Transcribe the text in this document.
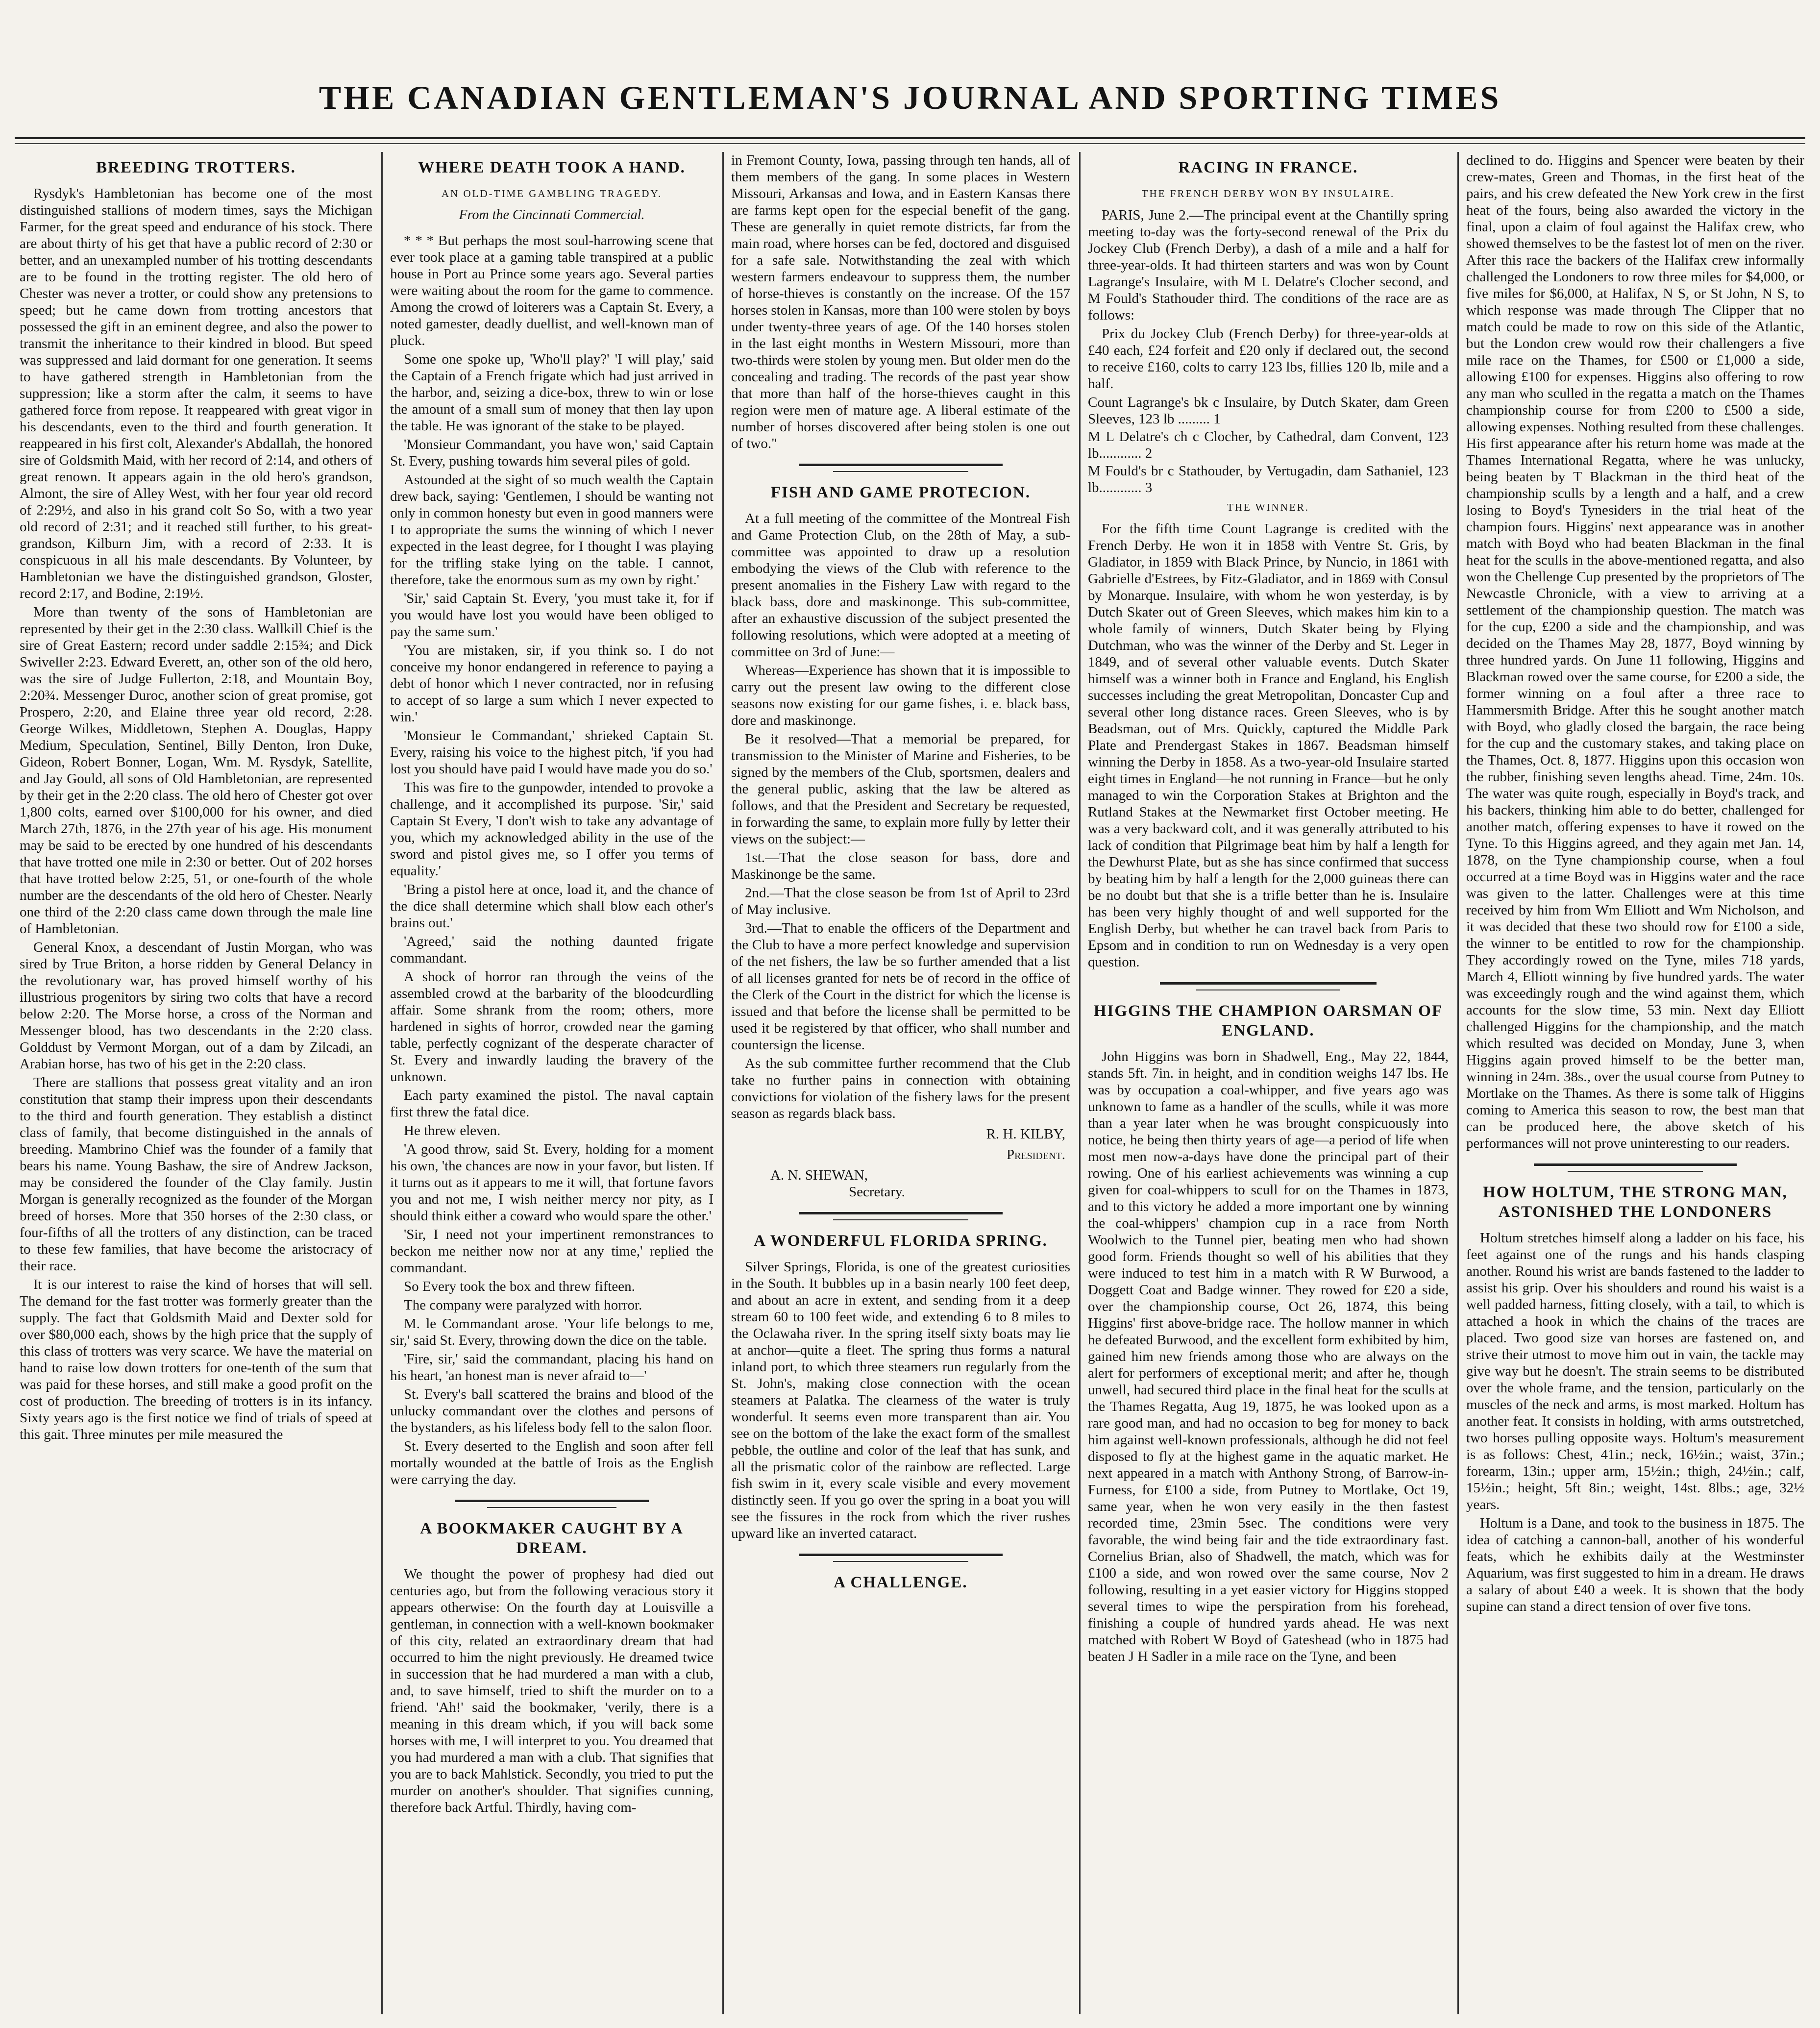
THE CANADIAN GENTLEMAN'S JOURNAL AND SPORTING TIMES
BREEDING TROTTERS.

Rysdyk's Hambletonian has become one of the most distinguished stallions of modern times, says the Michigan Farmer, for the great speed and endurance of his stock. There are about thirty of his get that have a public record of 2:30 or better, and an unexampled number of his trotting descendants are to be found in the trotting register. The old hero of Chester was never a trotter, or could show any pretensions to speed; but he came down from trotting ancestors that possessed the gift in an eminent degree, and also the power to transmit the inheritance to their kindred in blood. But speed was suppressed and laid dormant for one generation. It seems to have gathered strength in Hambletonian from the suppression; like a storm after the calm, it seems to have gathered force from repose. It reappeared with great vigor in his descendants, even to the third and fourth generation. It reappeared in his first colt, Alexander's Abdallah, the honored sire of Goldsmith Maid, with her record of 2:14, and others of great renown. It appears again in the old hero's grandson, Almont, the sire of Alley West, with her four year old record of 2:29½, and also in his grand colt So So, with a two year old record of 2:31; and it reached still further, to his great-grandson, Kilburn Jim, with a record of 2:33. It is conspicuous in all his male descendants. By Volunteer, by Hambletonian we have the distinguished grandson, Gloster, record 2:17, and Bodine, 2:19½.

More than twenty of the sons of Hambletonian are represented by their get in the 2:30 class. Wallkill Chief is the sire of Great Eastern; record under saddle 2:15¾; and Dick Swiveller 2:23. Edward Everett, an, other son of the old hero, was the sire of Judge Fullerton, 2:18, and Mountain Boy, 2:20¾. Messenger Duroc, another scion of great promise, got Prospero, 2:20, and Elaine three year old record, 2:28. George Wilkes, Middletown, Stephen A. Douglas, Happy Medium, Speculation, Sentinel, Billy Denton, Iron Duke, Gideon, Robert Bonner, Logan, Wm. M. Rysdyk, Satellite, and Jay Gould, all sons of Old Hambletonian, are represented by their get in the 2:20 class. The old hero of Chester got over 1,800 colts, earned over $100,000 for his owner, and died March 27th, 1876, in the 27th year of his age. His monument may be said to be erected by one hundred of his descendants that have trotted one mile in 2:30 or better. Out of 202 horses that have trotted below 2:25, 51, or one-fourth of the whole number are the descendants of the old hero of Chester. Nearly one third of the 2:20 class came down through the male line of Hambletonian.

General Knox, a descendant of Justin Morgan, who was sired by True Briton, a horse ridden by General Delancy in the revolutionary war, has proved himself worthy of his illustrious progenitors by siring two colts that have a record below 2:20. The Morse horse, a cross of the Norman and Messenger blood, has two descendants in the 2:20 class. Golddust by Vermont Morgan, out of a dam by Zilcadi, an Arabian horse, has two of his get in the 2:20 class.

There are stallions that possess great vitality and an iron constitution that stamp their impress upon their descendants to the third and fourth generation. They establish a distinct class of family, that become distinguished in the annals of breeding. Mambrino Chief was the founder of a family that bears his name. Young Bashaw, the sire of Andrew Jackson, may be considered the founder of the Clay family. Justin Morgan is generally recognized as the founder of the Morgan breed of horses. More that 350 horses of the 2:30 class, or four-fifths of all the trotters of any distinction, can be traced to these few families, that have become the aristocracy of their race.

It is our interest to raise the kind of horses that will sell. The demand for the fast trotter was formerly greater than the supply. The fact that Goldsmith Maid and Dexter sold for over $80,000 each, shows by the high price that the supply of this class of trotters was very scarce. We have the material on hand to raise low down trotters for one-tenth of the sum that was paid for these horses, and still make a good profit on the cost of production. The breeding of trotters is in its infancy. Sixty years ago is the first notice we find of trials of speed at this gait. Three minutes per mile measured the

WHERE DEATH TOOK A HAND.
AN OLD-TIME GAMBLING TRAGEDY.
From the Cincinnati Commercial.

* * * But perhaps the most soul-harrowing scene that ever took place at a gaming table transpired at a public house in Port au Prince some years ago. Several parties were waiting about the room for the game to commence. Among the crowd of loiterers was a Captain St. Every, a noted gamester, deadly duellist, and well-known man of pluck.

Some one spoke up, 'Who'll play?' 'I will play,' said the Captain of a French frigate which had just arrived in the harbor, and, seizing a dice-box, threw to win or lose the amount of a small sum of money that then lay upon the table. He was ignorant of the stake to be played.

'Monsieur Commandant, you have won,' said Captain St. Every, pushing towards him several piles of gold.

Astounded at the sight of so much wealth the Captain drew back, saying: 'Gentlemen, I should be wanting not only in common honesty but even in good manners were I to appropriate the sums the winning of which I never expected in the least degree, for I thought I was playing for the trifling stake lying on the table. I cannot, therefore, take the enormous sum as my own by right.'

'Sir,' said Captain St. Every, 'you must take it, for if you would have lost you would have been obliged to pay the same sum.'

'You are mistaken, sir, if you think so. I do not conceive my honor endangered in reference to paying a debt of honor which I never contracted, nor in refusing to accept of so large a sum which I never expected to win.'

'Monsieur le Commandant,' shrieked Captain St. Every, raising his voice to the highest pitch, 'if you had lost you should have paid I would have made you do so.'

This was fire to the gunpowder, intended to provoke a challenge, and it accomplished its purpose. 'Sir,' said Captain St Every, 'I don't wish to take any advantage of you, which my acknowledged ability in the use of the sword and pistol gives me, so I offer you terms of equality.'

'Bring a pistol here at once, load it, and the chance of the dice shall determine which shall blow each other's brains out.'

'Agreed,' said the nothing daunted frigate commandant.

A shock of horror ran through the veins of the assembled crowd at the barbarity of the bloodcurdling affair. Some shrank from the room; others, more hardened in sights of horror, crowded near the gaming table, perfectly cognizant of the desperate character of St. Every and inwardly lauding the bravery of the unknown.

Each party examined the pistol. The naval captain first threw the fatal dice.

He threw eleven.

'A good throw, said St. Every, holding for a moment his own, 'the chances are now in your favor, but listen. If it turns out as it appears to me it will, that fortune favors you and not me, I wish neither mercy nor pity, as I should think either a coward who would spare the other.'

'Sir, I need not your impertinent remonstrances to beckon me neither now nor at any time,' replied the commandant.

So Every took the box and threw fifteen.

The company were paralyzed with horror.

M. le Commandant arose. 'Your life belongs to me, sir,' said St. Every, throwing down the dice on the table.

'Fire, sir,' said the commandant, placing his hand on his heart, 'an honest man is never afraid to—'

St. Every's ball scattered the brains and blood of the unlucky commandant over the clothes and persons of the bystanders, as his lifeless body fell to the salon floor.

St. Every deserted to the English and soon after fell mortally wounded at the battle of Irois as the English were carrying the day.

A BOOKMAKER CAUGHT BY A DREAM.

We thought the power of prophesy had died out centuries ago, but from the following veracious story it appears otherwise: On the fourth day at Louisville a gentleman, in connection with a well-known bookmaker of this city, related an extraordinary dream that had occurred to him the night previously. He dreamed twice in succession that he had murdered a man with a club, and, to save himself, tried to shift the murder on to a friend. 'Ah!' said the bookmaker, 'verily, there is a meaning in this dream which, if you will back some horses with me, I will interpret to you. You dreamed that you had murdered a man with a club. That signifies that you are to back Mahlstick. Secondly, you tried to put the murder on another's shoulder. That signifies cunning, therefore back Artful. Thirdly, having com-

in Fremont County, Iowa, passing through ten hands, all of them members of the gang. In some places in Western Missouri, Arkansas and Iowa, and in Eastern Kansas there are farms kept open for the especial benefit of the gang. These are generally in quiet remote districts, far from the main road, where horses can be fed, doctored and disguised for a safe sale. Notwithstanding the zeal with which western farmers endeavour to suppress them, the number of horse-thieves is constantly on the increase. Of the 157 horses stolen in Kansas, more than 100 were stolen by boys under twenty-three years of age. Of the 140 horses stolen in the last eight months in Western Missouri, more than two-thirds were stolen by young men. But older men do the concealing and trading. The records of the past year show that more than half of the horse-thieves caught in this region were men of mature age. A liberal estimate of the number of horses discovered after being stolen is one out of two."

FISH AND GAME PROTECION.

At a full meeting of the committee of the Montreal Fish and Game Protection Club, on the 28th of May, a sub-committee was appointed to draw up a resolution embodying the views of the Club with reference to the present anomalies in the Fishery Law with regard to the black bass, dore and maskinonge. This sub-committee, after an exhaustive discussion of the subject presented the following resolutions, which were adopted at a meeting of committee on 3rd of June:—

Whereas—Experience has shown that it is impossible to carry out the present law owing to the different close seasons now existing for our game fishes, i. e. black bass, dore and maskinonge.

Be it resolved—That a memorial be prepared, for transmission to the Minister of Marine and Fisheries, to be signed by the members of the Club, sportsmen, dealers and the general public, asking that the law be altered as follows, and that the President and Secretary be requested, in forwarding the same, to explain more fully by letter their views on the subject:—

1st.—That the close season for bass, dore and Maskinonge be the same.

2nd.—That the close season be from 1st of April to 23rd of May inclusive.

3rd.—That to enable the officers of the Department and the Club to have a more perfect knowledge and supervision of the net fishers, the law be so further amended that a list of all licenses granted for nets be of record in the office of the Clerk of the Court in the district for which the license is issued and that before the license shall be permitted to be used it be registered by that officer, who shall number and countersign the license.

As the sub committee further recommend that the Club take no further pains in connection with obtaining convictions for violation of the fishery laws for the present season as regards black bass.

R. H. KILBY,
President.
A. N. SHEWAN,
Secretary.
A WONDERFUL FLORIDA SPRING.

Silver Springs, Florida, is one of the greatest curiosities in the South. It bubbles up in a basin nearly 100 feet deep, and about an acre in extent, and sending from it a deep stream 60 to 100 feet wide, and extending 6 to 8 miles to the Oclawaha river. In the spring itself sixty boats may lie at anchor—quite a fleet. The spring thus forms a natural inland port, to which three steamers run regularly from the St. John's, making close connection with the ocean steamers at Palatka. The clearness of the water is truly wonderful. It seems even more transparent than air. You see on the bottom of the lake the exact form of the smallest pebble, the outline and color of the leaf that has sunk, and all the prismatic color of the rainbow are reflected. Large fish swim in it, every scale visible and every movement distinctly seen. If you go over the spring in a boat you will see the fissures in the rock from which the river rushes upward like an inverted cataract.

A CHALLENGE.
RACING IN FRANCE.
THE FRENCH DERBY WON BY INSULAIRE.

PARIS, June 2.—The principal event at the Chantilly spring meeting to-day was the forty-second renewal of the Prix du Jockey Club (French Derby), a dash of a mile and a half for three-year-olds. It had thirteen starters and was won by Count Lagrange's Insulaire, with M L Delatre's Clocher second, and M Fould's Stathouder third. The conditions of the race are as follows:

Prix du Jockey Club (French Derby) for three-year-olds at £40 each, £24 forfeit and £20 only if declared out, the second to receive £160, colts to carry 123 lbs, fillies 120 lb, mile and a half.

Count Lagrange's bk c Insulaire, by Dutch Skater, dam Green Sleeves, 123 lb ......... 1
M L Delatre's ch c Clocher, by Cathedral, dam Convent, 123 lb............ 2
M Fould's br c Stathouder, by Vertugadin, dam Sathaniel, 123 lb............ 3
THE WINNER.

For the fifth time Count Lagrange is credited with the French Derby. He won it in 1858 with Ventre St. Gris, by Gladiator, in 1859 with Black Prince, by Nuncio, in 1861 with Gabrielle d'Estrees, by Fitz-Gladiator, and in 1869 with Consul by Monarque. Insulaire, with whom he won yesterday, is by Dutch Skater out of Green Sleeves, which makes him kin to a whole family of winners, Dutch Skater being by Flying Dutchman, who was the winner of the Derby and St. Leger in 1849, and of several other valuable events. Dutch Skater himself was a winner both in France and England, his English successes including the great Metropolitan, Doncaster Cup and several other long distance races. Green Sleeves, who is by Beadsman, out of Mrs. Quickly, captured the Middle Park Plate and Prendergast Stakes in 1867. Beadsman himself winning the Derby in 1858. As a two-year-old Insulaire started eight times in England—he not running in France—but he only managed to win the Corporation Stakes at Brighton and the Rutland Stakes at the Newmarket first October meeting. He was a very backward colt, and it was generally attributed to his lack of condition that Pilgrimage beat him by half a length for the Dewhurst Plate, but as she has since confirmed that success by beating him by half a length for the 2,000 guineas there can be no doubt but that she is a trifle better than he is. Insulaire has been very highly thought of and well supported for the English Derby, but whether he can travel back from Paris to Epsom and in condition to run on Wednesday is a very open question.

HIGGINS THE CHAMPION OARSMAN OF ENGLAND.

John Higgins was born in Shadwell, Eng., May 22, 1844, stands 5ft. 7in. in height, and in condition weighs 147 lbs. He was by occupation a coal-whipper, and five years ago was unknown to fame as a handler of the sculls, while it was more than a year later when he was brought conspicuously into notice, he being then thirty years of age—a period of life when most men now-a-days have done the principal part of their rowing. One of his earliest achievements was winning a cup given for coal-whippers to scull for on the Thames in 1873, and to this victory he added a more important one by winning the coal-whippers' champion cup in a race from North Woolwich to the Tunnel pier, beating men who had shown good form. Friends thought so well of his abilities that they were induced to test him in a match with R W Burwood, a Doggett Coat and Badge winner. They rowed for £20 a side, over the championship course, Oct 26, 1874, this being Higgins' first above-bridge race. The hollow manner in which he defeated Burwood, and the excellent form exhibited by him, gained him new friends among those who are always on the alert for performers of exceptional merit; and after he, though unwell, had secured third place in the final heat for the sculls at the Thames Regatta, Aug 19, 1875, he was looked upon as a rare good man, and had no occasion to beg for money to back him against well-known professionals, although he did not feel disposed to fly at the highest game in the aquatic market. He next appeared in a match with Anthony Strong, of Barrow-in-Furness, for £100 a side, from Putney to Mortlake, Oct 19, same year, when he won very easily in the then fastest recorded time, 23min 5sec. The conditions were very favorable, the wind being fair and the tide extraordinary fast. Cornelius Brian, also of Shadwell, the match, which was for £100 a side, and won rowed over the same course, Nov 2 following, resulting in a yet easier victory for Higgins stopped several times to wipe the perspiration from his forehead, finishing a couple of hundred yards ahead. He was next matched with Robert W Boyd of Gateshead (who in 1875 had beaten J H Sadler in a mile race on the Tyne, and been

declined to do. Higgins and Spencer were beaten by their crew-mates, Green and Thomas, in the first heat of the pairs, and his crew defeated the New York crew in the first heat of the fours, being also awarded the victory in the final, upon a claim of foul against the Halifax crew, who showed themselves to be the fastest lot of men on the river. After this race the backers of the Halifax crew informally challenged the Londoners to row three miles for $4,000, or five miles for $6,000, at Halifax, N S, or St John, N S, to which response was made through The Clipper that no match could be made to row on this side of the Atlantic, but the London crew would row their challengers a five mile race on the Thames, for £500 or £1,000 a side, allowing £100 for expenses. Higgins also offering to row any man who sculled in the regatta a match on the Thames championship course for from £200 to £500 a side, allowing expenses. Nothing resulted from these challenges. His first appearance after his return home was made at the Thames International Regatta, where he was unlucky, being beaten by T Blackman in the third heat of the championship sculls by a length and a half, and a crew losing to Boyd's Tynesiders in the trial heat of the champion fours. Higgins' next appearance was in another match with Boyd who had beaten Blackman in the final heat for the sculls in the above-mentioned regatta, and also won the Chellenge Cup presented by the proprietors of The Newcastle Chronicle, with a view to arriving at a settlement of the championship question. The match was for the cup, £200 a side and the championship, and was decided on the Thames May 28, 1877, Boyd winning by three hundred yards. On June 11 following, Higgins and Blackman rowed over the same course, for £200 a side, the former winning on a foul after a three race to Hammersmith Bridge. After this he sought another match with Boyd, who gladly closed the bargain, the race being for the cup and the customary stakes, and taking place on the Thames, Oct. 8, 1877. Higgins upon this occasion won the rubber, finishing seven lengths ahead. Time, 24m. 10s. The water was quite rough, especially in Boyd's track, and his backers, thinking him able to do better, challenged for another match, offering expenses to have it rowed on the Tyne. To this Higgins agreed, and they again met Jan. 14, 1878, on the Tyne championship course, when a foul occurred at a time Boyd was in Higgins water and the race was given to the latter. Challenges were at this time received by him from Wm Elliott and Wm Nicholson, and it was decided that these two should row for £100 a side, the winner to be entitled to row for the championship. They accordingly rowed on the Tyne, miles 718 yards, March 4, Elliott winning by five hundred yards. The water was exceedingly rough and the wind against them, which accounts for the slow time, 53 min. Next day Elliott challenged Higgins for the championship, and the match which resulted was decided on Monday, June 3, when Higgins again proved himself to be the better man, winning in 24m. 38s., over the usual course from Putney to Mortlake on the Thames. As there is some talk of Higgins coming to America this season to row, the best man that can be produced here, the above sketch of his performances will not prove uninteresting to our readers.

HOW HOLTUM, THE STRONG MAN, ASTONISHED THE LONDONERS

Holtum stretches himself along a ladder on his face, his feet against one of the rungs and his hands clasping another. Round his wrist are bands fastened to the ladder to assist his grip. Over his shoulders and round his waist is a well padded harness, fitting closely, with a tail, to which is attached a hook in which the chains of the traces are placed. Two good size van horses are fastened on, and strive their utmost to move him out in vain, the tackle may give way but he doesn't. The strain seems to be distributed over the whole frame, and the tension, particularly on the muscles of the neck and arms, is most marked. Holtum has another feat. It consists in holding, with arms outstretched, two horses pulling opposite ways. Holtum's measurement is as follows: Chest, 41in.; neck, 16½in.; waist, 37in.; forearm, 13in.; upper arm, 15½in.; thigh, 24½in.; calf, 15½in.; height, 5ft 8in.; weight, 14st. 8lbs.; age, 32½ years.

Holtum is a Dane, and took to the business in 1875. The idea of catching a cannon-ball, another of his wonderful feats, which he exhibits daily at the Westminster Aquarium, was first suggested to him in a dream. He draws a salary of about £40 a week. It is shown that the body supine can stand a direct tension of over five tons.
